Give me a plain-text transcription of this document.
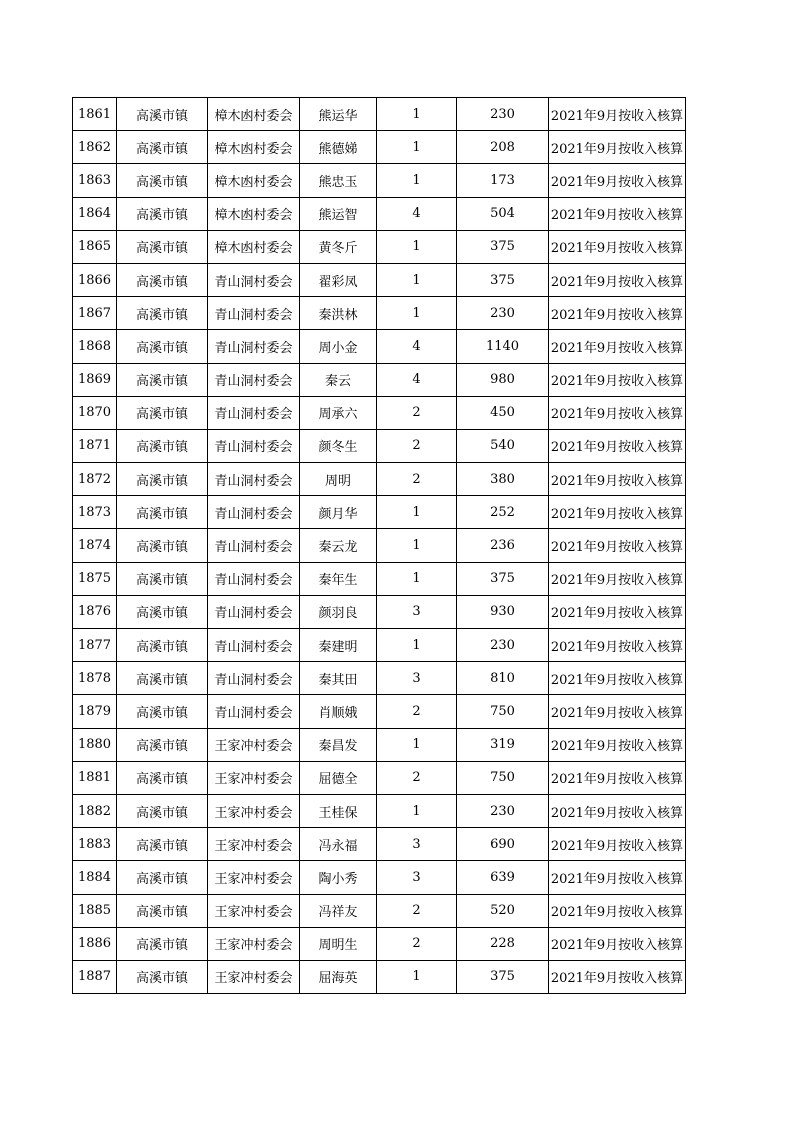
1861	高溪市镇	樟木凼村委会	熊运华	1	230	2021年9月按收入核算
1862	高溪市镇	樟木凼村委会	熊德娣	1	208	2021年9月按收入核算
1863	高溪市镇	樟木凼村委会	熊忠玉	1	173	2021年9月按收入核算
1864	高溪市镇	樟木凼村委会	熊运智	4	504	2021年9月按收入核算
1865	高溪市镇	樟木凼村委会	黄冬斤	1	375	2021年9月按收入核算
1866	高溪市镇	青山洞村委会	翟彩凤	1	375	2021年9月按收入核算
1867	高溪市镇	青山洞村委会	秦洪林	1	230	2021年9月按收入核算
1868	高溪市镇	青山洞村委会	周小金	4	1140	2021年9月按收入核算
1869	高溪市镇	青山洞村委会	秦云	4	980	2021年9月按收入核算
1870	高溪市镇	青山洞村委会	周承六	2	450	2021年9月按收入核算
1871	高溪市镇	青山洞村委会	颜冬生	2	540	2021年9月按收入核算
1872	高溪市镇	青山洞村委会	周明	2	380	2021年9月按收入核算
1873	高溪市镇	青山洞村委会	颜月华	1	252	2021年9月按收入核算
1874	高溪市镇	青山洞村委会	秦云龙	1	236	2021年9月按收入核算
1875	高溪市镇	青山洞村委会	秦年生	1	375	2021年9月按收入核算
1876	高溪市镇	青山洞村委会	颜羽良	3	930	2021年9月按收入核算
1877	高溪市镇	青山洞村委会	秦建明	1	230	2021年9月按收入核算
1878	高溪市镇	青山洞村委会	秦其田	3	810	2021年9月按收入核算
1879	高溪市镇	青山洞村委会	肖顺娥	2	750	2021年9月按收入核算
1880	高溪市镇	王家冲村委会	秦昌发	1	319	2021年9月按收入核算
1881	高溪市镇	王家冲村委会	屈德全	2	750	2021年9月按收入核算
1882	高溪市镇	王家冲村委会	王桂保	1	230	2021年9月按收入核算
1883	高溪市镇	王家冲村委会	冯永福	3	690	2021年9月按收入核算
1884	高溪市镇	王家冲村委会	陶小秀	3	639	2021年9月按收入核算
1885	高溪市镇	王家冲村委会	冯祥友	2	520	2021年9月按收入核算
1886	高溪市镇	王家冲村委会	周明生	2	228	2021年9月按收入核算
1887	高溪市镇	王家冲村委会	屈海英	1	375	2021年9月按收入核算
